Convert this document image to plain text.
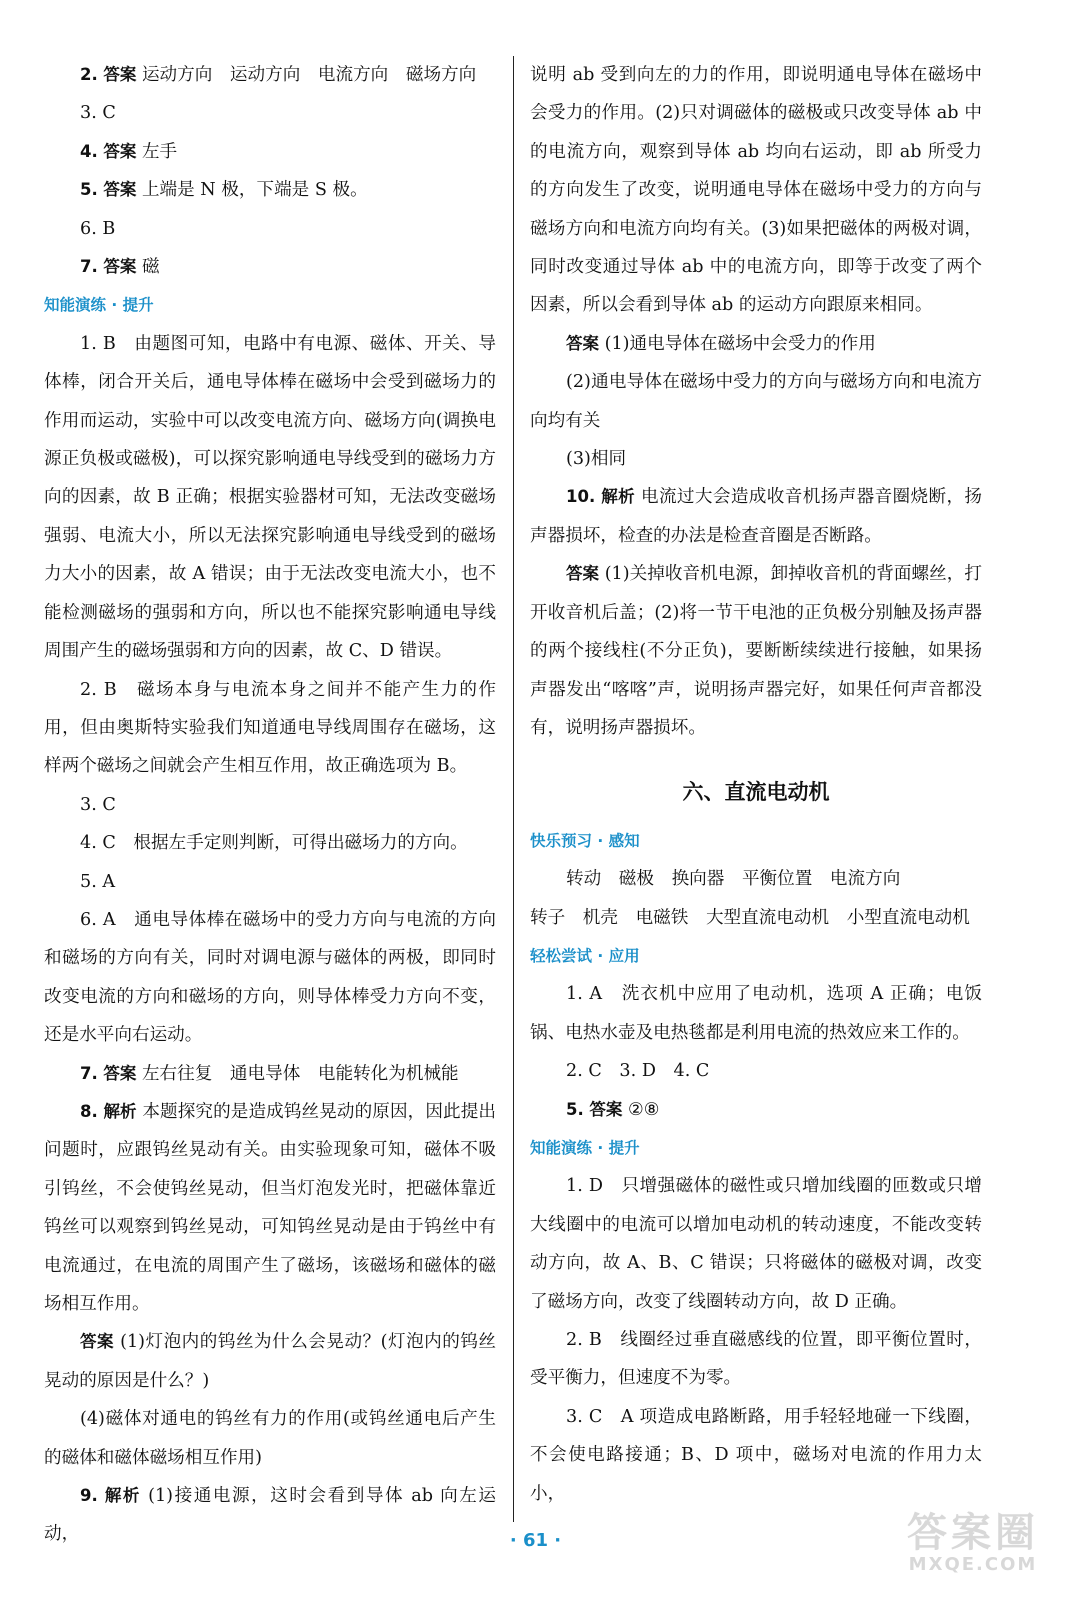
2. 答案 运动方向　运动方向　电流方向　磁场方向

3. C

4. 答案 左手

5. 答案 上端是 N 极，下端是 S 极。

6. B

7. 答案 磁

知能演练 · 提升

1. B　由题图可知，电路中有电源、磁体、开关、导体棒，闭合开关后，通电导体棒在磁场中会受到磁场力的作用而运动，实验中可以改变电流方向、磁场方向(调换电源正负极或磁极)，可以探究影响通电导线受到的磁场力方向的因素，故 B 正确；根据实验器材可知，无法改变磁场强弱、电流大小，所以无法探究影响通电导线受到的磁场力大小的因素，故 A 错误；由于无法改变电流大小，也不能检测磁场的强弱和方向，所以也不能探究影响通电导线周围产生的磁场强弱和方向的因素，故 C、D 错误。

2. B　磁场本身与电流本身之间并不能产生力的作用，但由奥斯特实验我们知道通电导线周围存在磁场，这样两个磁场之间就会产生相互作用，故正确选项为 B。

3. C

4. C　根据左手定则判断，可得出磁场力的方向。

5. A

6. A　通电导体棒在磁场中的受力方向与电流的方向和磁场的方向有关，同时对调电源与磁体的两极，即同时改变电流的方向和磁场的方向，则导体棒受力方向不变，还是水平向右运动。

7. 答案 左右往复　通电导体　电能转化为机械能

8. 解析 本题探究的是造成钨丝晃动的原因，因此提出问题时，应跟钨丝晃动有关。由实验现象可知，磁体不吸引钨丝，不会使钨丝晃动，但当灯泡发光时，把磁体靠近钨丝可以观察到钨丝晃动，可知钨丝晃动是由于钨丝中有电流通过，在电流的周围产生了磁场，该磁场和磁体的磁场相互作用。

答案 (1)灯泡内的钨丝为什么会晃动？(灯泡内的钨丝晃动的原因是什么？)

(4)磁体对通电的钨丝有力的作用(或钨丝通电后产生的磁体和磁体磁场相互作用)

9. 解析 (1)接通电源，这时会看到导体 ab 向左运动，

说明 ab 受到向左的力的作用，即说明通电导体在磁场中会受力的作用。(2)只对调磁体的磁极或只改变导体 ab 中的电流方向，观察到导体 ab 均向右运动，即 ab 所受力的方向发生了改变，说明通电导体在磁场中受力的方向与磁场方向和电流方向均有关。(3)如果把磁体的两极对调，同时改变通过导体 ab 中的电流方向，即等于改变了两个因素，所以会看到导体 ab 的运动方向跟原来相同。

答案 (1)通电导体在磁场中会受力的作用

(2)通电导体在磁场中受力的方向与磁场方向和电流方向均有关

(3)相同

10. 解析 电流过大会造成收音机扬声器音圈烧断，扬声器损坏，检查的办法是检查音圈是否断路。

答案 (1)关掉收音机电源，卸掉收音机的背面螺丝，打开收音机后盖；(2)将一节干电池的正负极分别触及扬声器的两个接线柱(不分正负)，要断断续续进行接触，如果扬声器发出“喀喀”声，说明扬声器完好，如果任何声音都没有，说明扬声器损坏。

六、直流电动机

快乐预习 · 感知

转动　磁极　换向器　平衡位置　电流方向

转子　机壳　电磁铁　大型直流电动机　小型直流电动机

轻松尝试 · 应用

1. A　洗衣机中应用了电动机，选项 A 正确；电饭锅、电热水壶及电热毯都是利用电流的热效应来工作的。

2. C　3. D　4. C

5. 答案 ②⑧

知能演练 · 提升

1. D　只增强磁体的磁性或只增加线圈的匝数或只增大线圈中的电流可以增加电动机的转动速度，不能改变转动方向，故 A、B、C 错误；只将磁体的磁极对调，改变了磁场方向，改变了线圈转动方向，故 D 正确。

2. B　线圈经过垂直磁感线的位置，即平衡位置时，受平衡力，但速度不为零。

3. C　A 项造成电路断路，用手轻轻地碰一下线圈，不会使电路接通；B、D 项中，磁场对电流的作用力太小，

· 61 ·	答案圈
MXQE.COM
